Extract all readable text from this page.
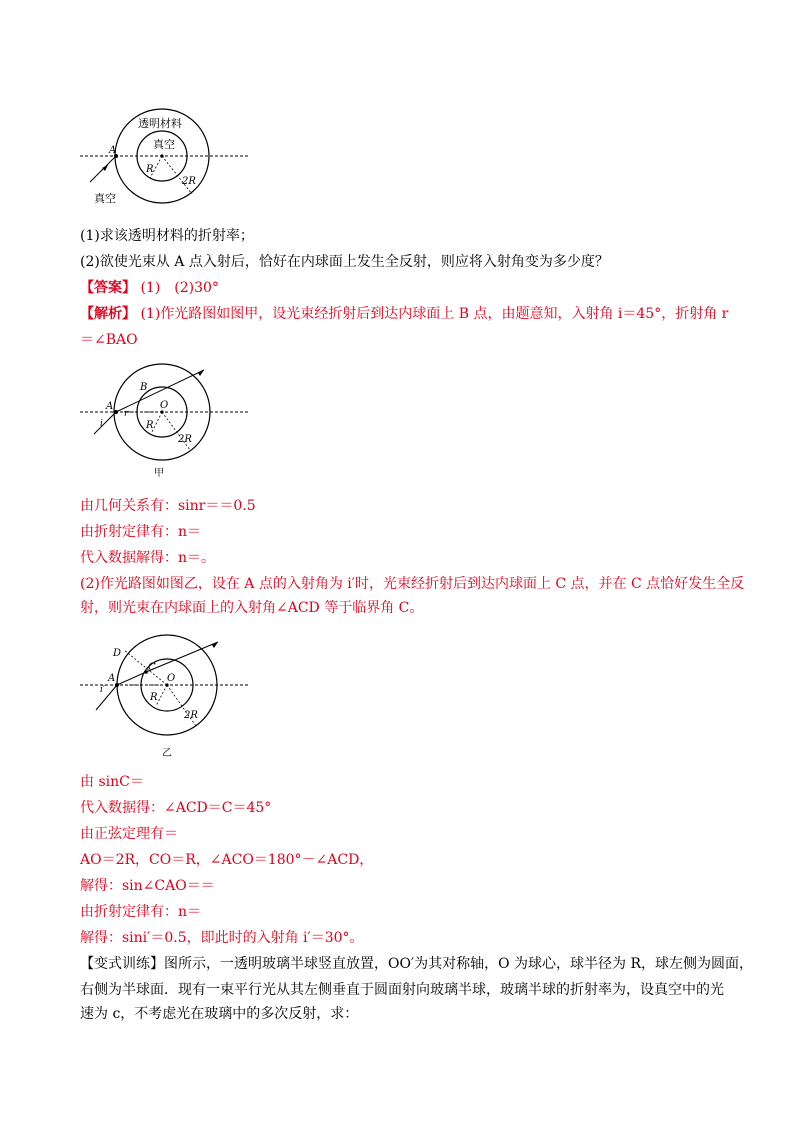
透明材料
真空
A
R
2R
真空
(1)求该透明材料的折射率；
(2)欲使光束从 A 点入射后，恰好在内球面上发生全反射，则应将入射角变为多少度？
【答案】 (1)　(2)30°
【解析】 (1)作光路图如图甲，设光束经折射后到达内球面上 B 点，由题意知，入射角 i＝45°，折射角 r
＝∠BAO
A
B
O
r
i	R
2R
甲
由几何关系有：sinr＝＝0.5
由折射定律有：n＝
代入数据解得：n＝。
(2)作光路图如图乙，设在 A 点的入射角为 i′时，光束经折射后到达内球面上 C 点，并在 C 点恰好发生全反
射，则光束在内球面上的入射角∠ACD 等于临界角 C。
A
C
D
O
i′
R
2R
乙
由 sinC＝
代入数据得：∠ACD＝C＝45°
由正弦定理有＝
AO＝2R，CO＝R，∠ACO＝180°－∠ACD，
解得：sin∠CAO＝＝
由折射定律有：n＝
解得：sini′＝0.5，即此时的入射角 i′＝30°。
【变式训练】图所示，一透明玻璃半球竖直放置，OO′为其对称轴，O 为球心，球半径为 R，球左侧为圆面，
右侧为半球面．现有一束平行光从其左侧垂直于圆面射向玻璃半球，玻璃半球的折射率为，设真空中的光
速为 c，不考虑光在玻璃中的多次反射，求：
